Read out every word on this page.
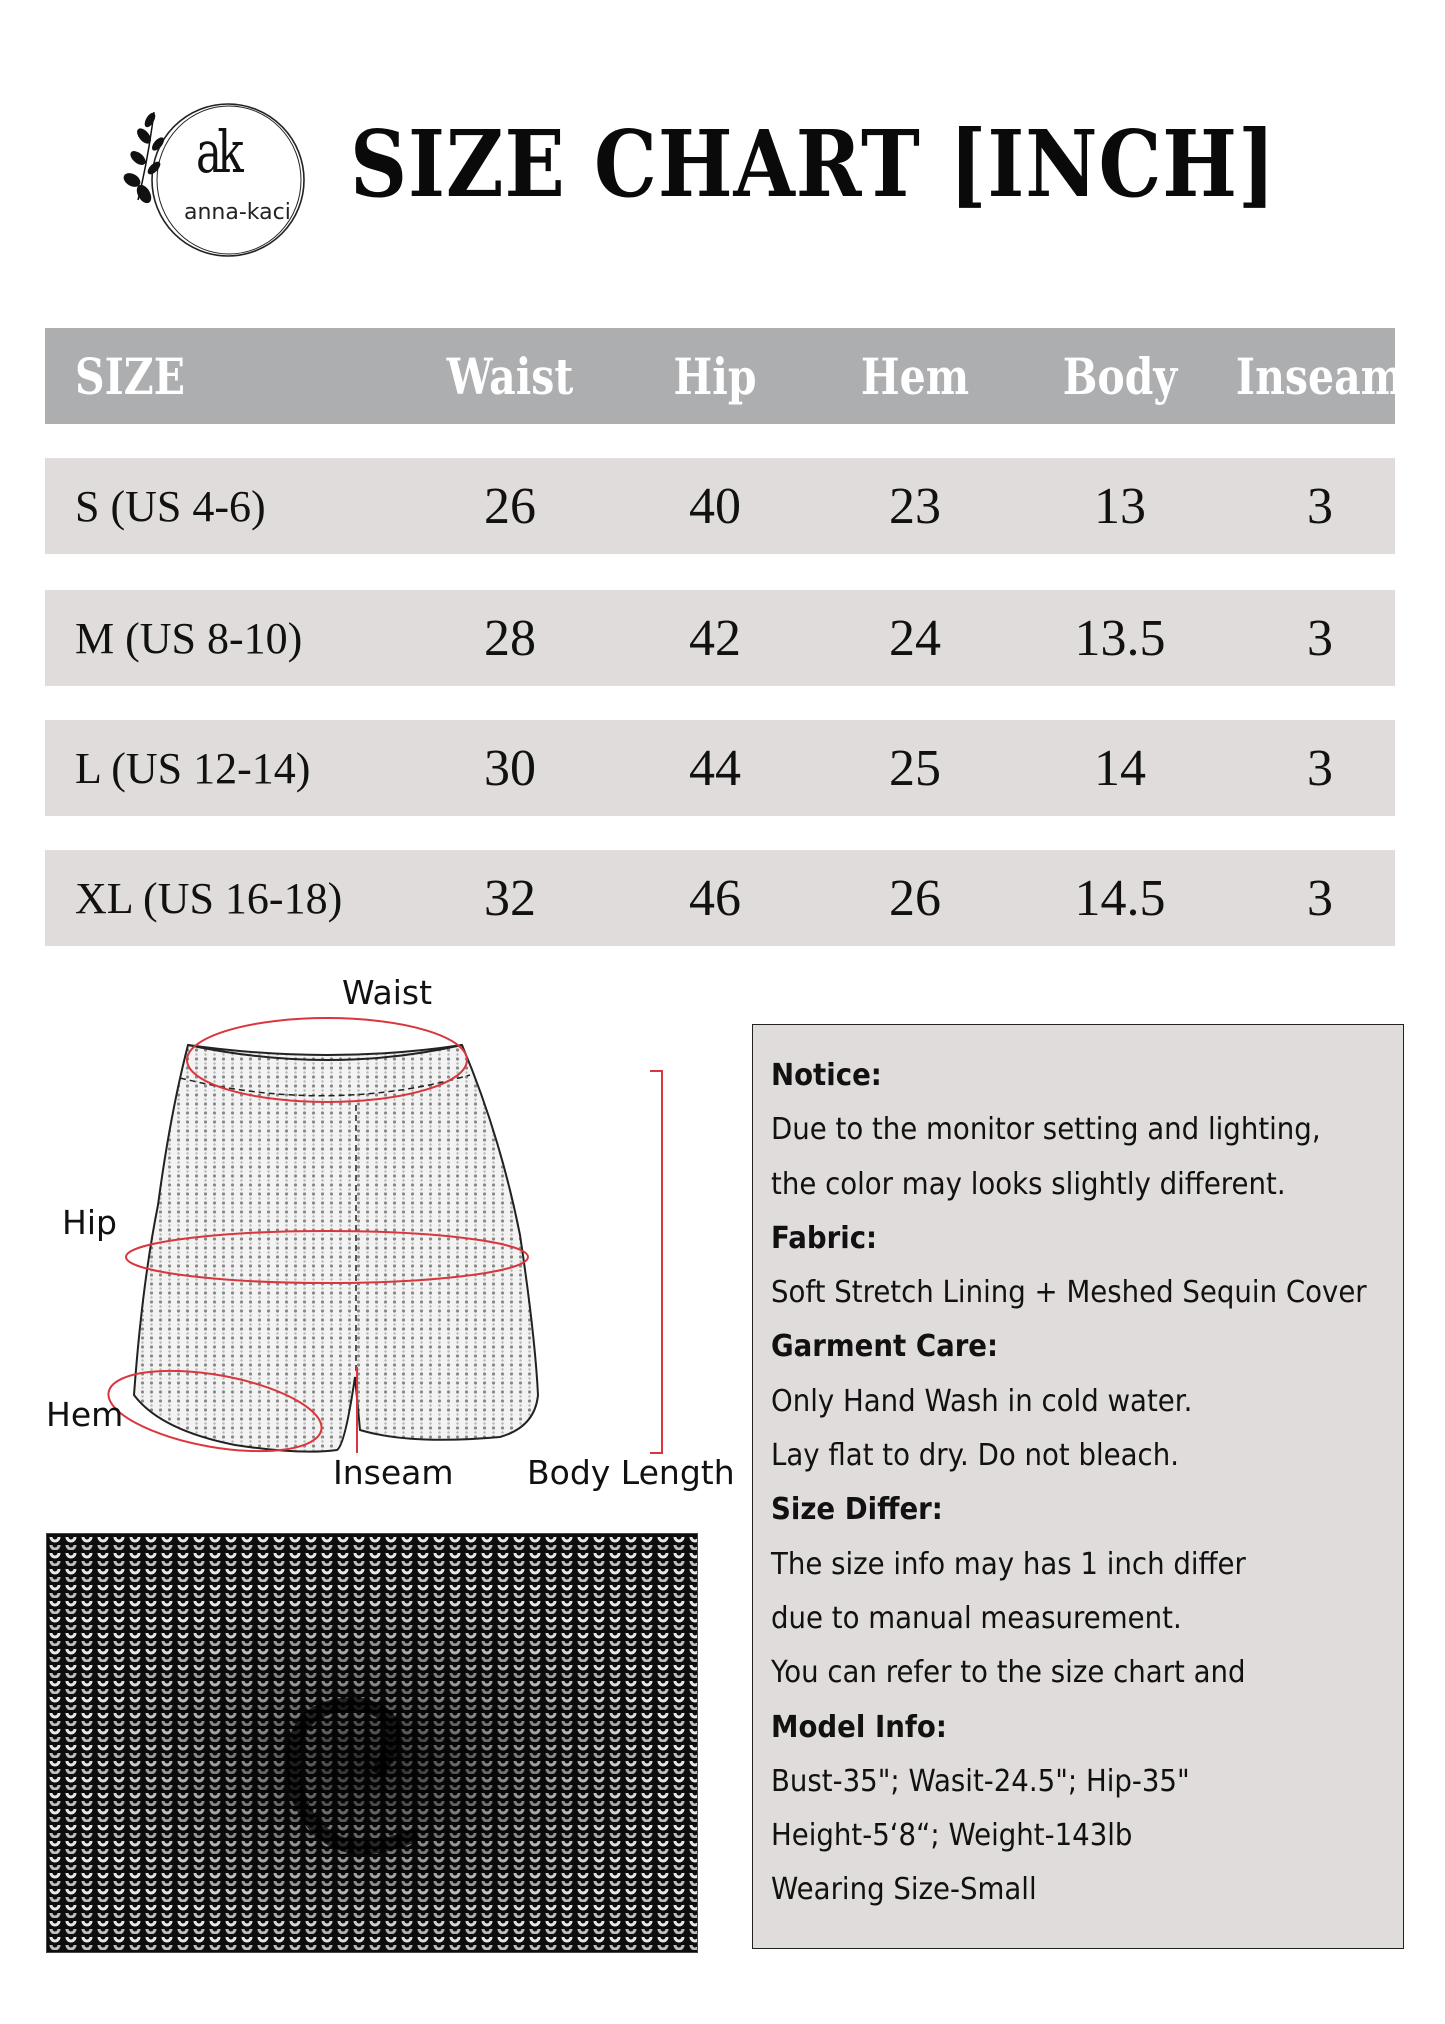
ak
anna-kaci SIZE CHART [INCH]
SIZE	Waist	Hip	Hem	Body	Inseam
S (US 4-6)	26	40	23	13	3
M (US 8-10)	28	42	24	13.5	3
L (US 12-14)	30	44	25	14	3
XL (US 16-18)	32	46	26	14.5	3
Waist
Hip
Hem
Inseam Body Length
Notice:
Due to the monitor setting and lighting,
the color may looks slightly different.
Fabric:
Soft Stretch Lining + Meshed Sequin Cover
Garment Care:
Only Hand Wash in cold water.
Lay flat to dry. Do not bleach.
Size Differ:
The size info may has 1 inch differ
due to manual measurement.
You can refer to the size chart and
Model Info:
Bust-35"; Wasit-24.5"; Hip-35"
Height-5‘8“; Weight-143lb
Wearing Size-Small
